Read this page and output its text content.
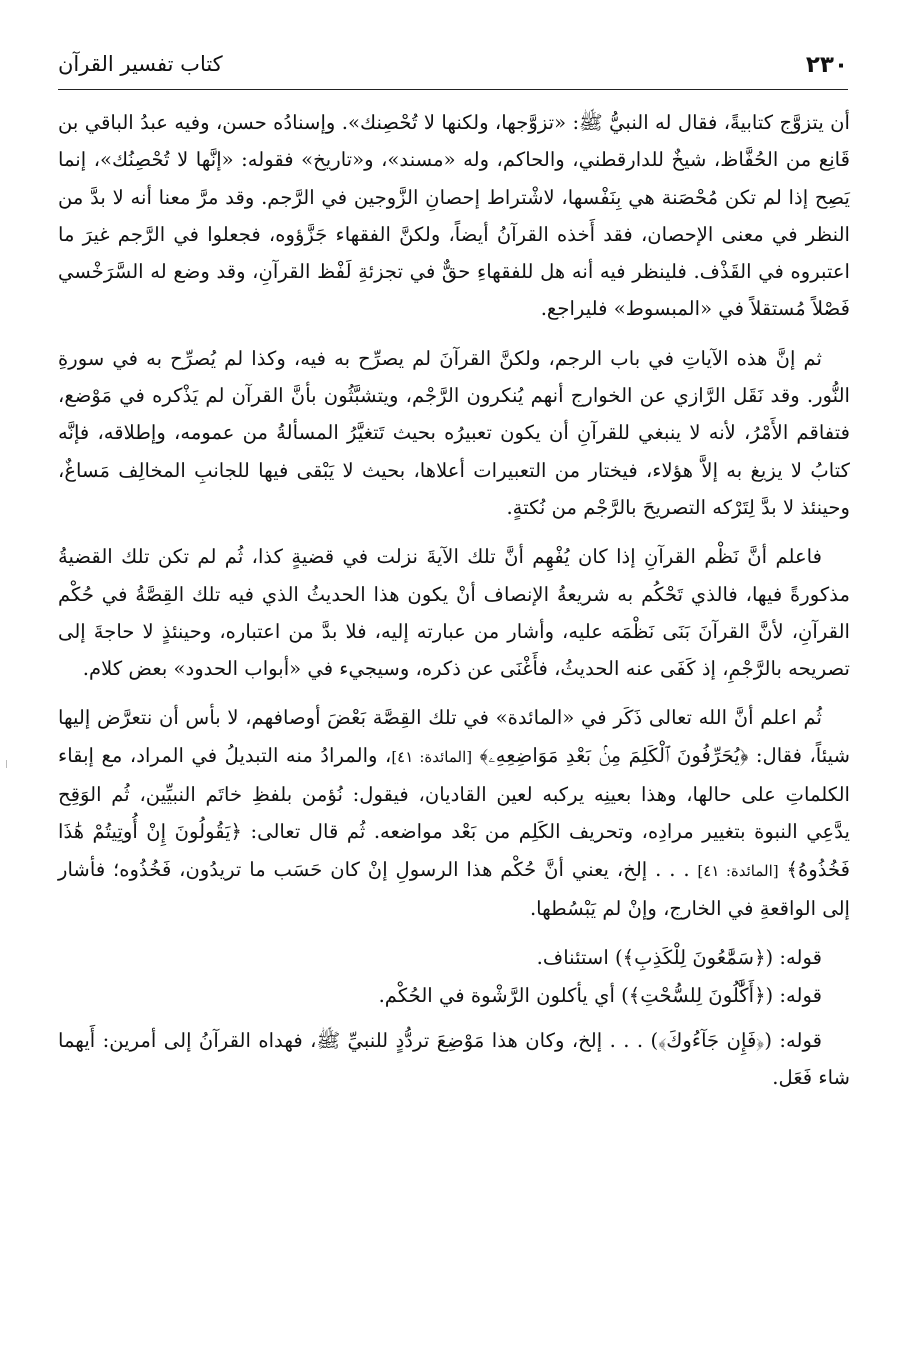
٢٣٠
كتاب تفسير القرآن

أن يتزوَّج كتابيةً، فقال له النبيُّ ﷺ: «تزوَّجها، ولكنها لا تُحْصِنك». وإسنادُه حسن، وفيه عبدُ الباقي بن قَانِع من الحُفَّاظ، شيخٌ للدارقطني، والحاكم، وله «مسند»، و«تاريخ» فقوله: «إنَّها لا تُحْصِنُك»، إنما يَصِح إذا لم تكن مُحْصَنة هي بِنَفْسها، لاشْتراط إحصانِ الزَّوجين في الرَّجم. وقد مرَّ معنا أنه لا بدَّ من النظر في معنى الإحصان، فقد أَخذه القرآنُ أيضاً، ولكنَّ الفقهاء جَزَّؤوه، فجعلوا في الرَّجم غيرَ ما اعتبروه في القَذْف. فلينظر فيه أنه هل للفقهاءِ حقٌّ في تجزئةِ لَفْظ القرآنِ، وقد وضع له السَّرَخْسي فَصْلاً مُستقلاً في «المبسوط» فليراجع.

ثم إنَّ هذه الآياتِ في باب الرجم، ولكنَّ القرآنَ لم يصرِّح به فيه، وكذا لم يُصرِّح به في سورةِ النُّور. وقد نَقَل الرَّازي عن الخوارج أنهم يُنكرون الرَّجْم، ويتشبَّثُون بأنَّ القرآن لم يَذْكره في مَوْضع، فتفاقم الأَمْرُ، لأنه لا ينبغي للقرآنِ أن يكون تعبيرُه بحيث تَتغيَّرُ المسألةُ من عمومه، وإطلاقه، فإنَّه كتابُ لا يزيغ به إلاَّ هؤلاء، فيختار من التعبيرات أعلاها، بحيث لا يَبْقى فيها للجانبِ المخالِف مَساغٌ، وحينئذ لا بدَّ لِتَرْكه التصريحَ بالرَّجْم من نُكتةٍ.

فاعلم أنَّ نَظْم القرآنِ إذا كان يُفْهِم أنَّ تلك الآيةَ نزلت في قضيةٍ كذا، ثُم لم تكن تلك القضيةُ مذكورةً فيها، فالذي تَحْكُم به شريعةُ الإنصاف أنْ يكون هذا الحديثُ الذي فيه تلك القِصَّةُ في حُكْم القرآنِ، لأنَّ القرآنَ بَنَى نَظْمَه عليه، وأشار من عبارته إليه، فلا بدَّ من اعتباره، وحينئذٍ لا حاجةَ إلى تصريحه بالرَّجْمِ، إذ كَفَى عنه الحديثُ، فأَغْنَى عن ذكره، وسيجيء في «أبواب الحدود» بعض كلام.

ثُم اعلم أنَّ الله تعالى ذَكَر في «المائدة» في تلك القِصَّة بَعْضَ أوصافهم، لا بأس أن نتعرَّض إليها شيئاً، فقال: ﴿يُحَرِّفُونَ ٱلْكَلِمَ مِنۢ بَعْدِ مَوَاضِعِهِۦ﴾ [المائدة: ٤١]، والمرادُ منه التبديلُ في المراد، مع إبقاء الكلماتِ على حالها، وهذا بعينِه يركبه لعين القاديان، فيقول: نُؤمن بلفظِ خاتَم النبيِّين، ثُم الوَقِح يدَّعِي النبوة بتغيير مرادِه، وتحريف الكَلِم من بَعْد مواضعه. ثُم قال تعالى: ﴿يَقُولُونَ إِنْ أُوتِيتُمْ هَٰذَا فَخُذُوهُ﴾ [المائدة: ٤١] . . . إلخ، يعني أنَّ حُكْم هذا الرسولِ إنْ كان حَسَب ما تريدُون، فَخُذُوه؛ فأشار إلى الواقعةِ في الخارج، وإنْ لم يَبْسُطها.

قوله: (﴿سَمَّٰعُونَ لِلْكَذِبِ﴾) استئناف.

قوله: (﴿أَكَّٰلُونَ لِلسُّحْتِ﴾) أي يأكلون الرَّشْوة في الحُكْم.

قوله: (﴿فَإِن جَآءُوكَ﴾) . . . إلخ، وكان هذا مَوْضِعَ تردُّدٍ للنبيِّ ﷺ، فهداه القرآنُ إلى أمرين: أَيهما شاء فَعَل.
